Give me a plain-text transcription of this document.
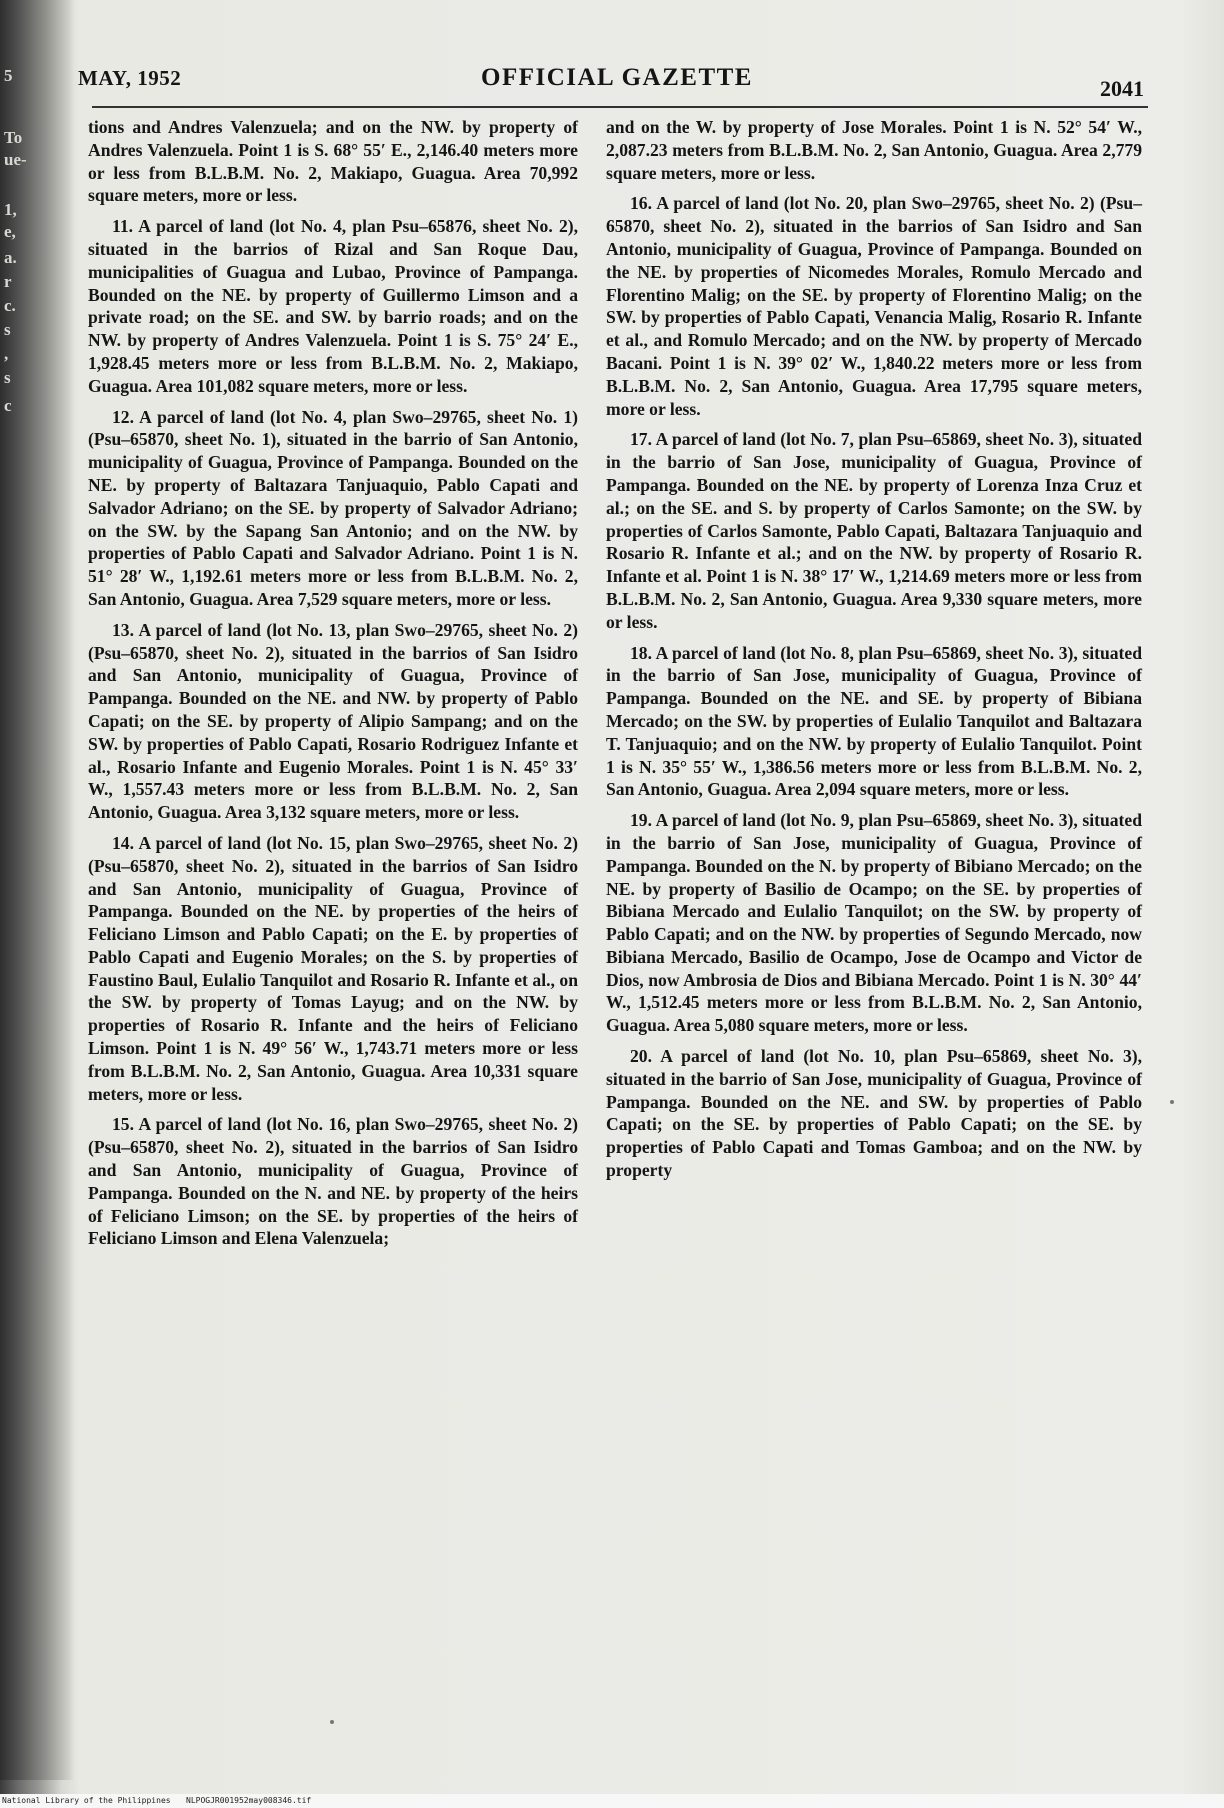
5
To
ue-
1,
e,
a.
r
c.
s
,
s
c
MAY, 1952	OFFICIAL GAZETTE	2041

tions and Andres Valenzuela; and on the NW. by property of Andres Valenzuela. Point 1 is S. 68° 55′ E., 2,146.40 meters more or less from B.L.B.M. No. 2, Makiapo, Guagua. Area 70,992 square meters, more or less.

11. A parcel of land (lot No. 4, plan Psu–65876, sheet No. 2), situated in the barrios of Rizal and San Roque Dau, municipalities of Guagua and Lubao, Province of Pampanga. Bounded on the NE. by property of Guillermo Limson and a private road; on the SE. and SW. by barrio roads; and on the NW. by property of Andres Valenzuela. Point 1 is S. 75° 24′ E., 1,928.45 meters more or less from B.L.B.M. No. 2, Makiapo, Guagua. Area 101,082 square meters, more or less.

12. A parcel of land (lot No. 4, plan Swo–29765, sheet No. 1) (Psu–65870, sheet No. 1), situated in the barrio of San Antonio, municipality of Guagua, Province of Pampanga. Bounded on the NE. by property of Baltazara Tanjuaquio, Pablo Capati and Salvador Adriano; on the SE. by property of Salvador Adriano; on the SW. by the Sapang San Antonio; and on the NW. by properties of Pablo Capati and Salvador Adriano. Point 1 is N. 51° 28′ W., 1,192.61 meters more or less from B.L.B.M. No. 2, San Antonio, Guagua. Area 7,529 square meters, more or less.

13. A parcel of land (lot No. 13, plan Swo–29765, sheet No. 2) (Psu–65870, sheet No. 2), situated in the barrios of San Isidro and San Antonio, municipality of Guagua, Province of Pampanga. Bounded on the NE. and NW. by property of Pablo Capati; on the SE. by property of Alipio Sampang; and on the SW. by properties of Pablo Capati, Rosario Rodriguez Infante et al., Rosario Infante and Eugenio Morales. Point 1 is N. 45° 33′ W., 1,557.43 meters more or less from B.L.B.M. No. 2, San Antonio, Guagua. Area 3,132 square meters, more or less.

14. A parcel of land (lot No. 15, plan Swo–29765, sheet No. 2) (Psu–65870, sheet No. 2), situated in the barrios of San Isidro and San Antonio, municipality of Guagua, Province of Pampanga. Bounded on the NE. by properties of the heirs of Feliciano Limson and Pablo Capati; on the E. by properties of Pablo Capati and Eugenio Morales; on the S. by properties of Faustino Baul, Eulalio Tanquilot and Rosario R. Infante et al., on the SW. by property of Tomas Layug; and on the NW. by properties of Rosario R. Infante and the heirs of Feliciano Limson. Point 1 is N. 49° 56′ W., 1,743.71 meters more or less from B.L.B.M. No. 2, San Antonio, Guagua. Area 10,331 square meters, more or less.

15. A parcel of land (lot No. 16, plan Swo–29765, sheet No. 2) (Psu–65870, sheet No. 2), situated in the barrios of San Isidro and San Antonio, municipality of Guagua, Province of Pampanga. Bounded on the N. and NE. by property of the heirs of Feliciano Limson; on the SE. by properties of the heirs of Feliciano Limson and Elena Valenzuela;

and on the W. by property of Jose Morales. Point 1 is N. 52° 54′ W., 2,087.23 meters from B.L.B.M. No. 2, San Antonio, Guagua. Area 2,779 square meters, more or less.

16. A parcel of land (lot No. 20, plan Swo–29765, sheet No. 2) (Psu–65870, sheet No. 2), situated in the barrios of San Isidro and San Antonio, municipality of Guagua, Province of Pampanga. Bounded on the NE. by properties of Nicomedes Morales, Romulo Mercado and Florentino Malig; on the SE. by property of Florentino Malig; on the SW. by properties of Pablo Capati, Venancia Malig, Rosario R. Infante et al., and Romulo Mercado; and on the NW. by property of Mercado Bacani. Point 1 is N. 39° 02′ W., 1,840.22 meters more or less from B.L.B.M. No. 2, San Antonio, Guagua. Area 17,795 square meters, more or less.

17. A parcel of land (lot No. 7, plan Psu–65869, sheet No. 3), situated in the barrio of San Jose, municipality of Guagua, Province of Pampanga. Bounded on the NE. by property of Lorenza Inza Cruz et al.; on the SE. and S. by property of Carlos Samonte; on the SW. by properties of Carlos Samonte, Pablo Capati, Baltazara Tanjuaquio and Rosario R. Infante et al.; and on the NW. by property of Rosario R. Infante et al. Point 1 is N. 38° 17′ W., 1,214.69 meters more or less from B.L.B.M. No. 2, San Antonio, Guagua. Area 9,330 square meters, more or less.

18. A parcel of land (lot No. 8, plan Psu–65869, sheet No. 3), situated in the barrio of San Jose, municipality of Guagua, Province of Pampanga. Bounded on the NE. and SE. by property of Bibiana Mercado; on the SW. by properties of Eulalio Tanquilot and Baltazara T. Tanjuaquio; and on the NW. by property of Eulalio Tanquilot. Point 1 is N. 35° 55′ W., 1,386.56 meters more or less from B.L.B.M. No. 2, San Antonio, Guagua. Area 2,094 square meters, more or less.

19. A parcel of land (lot No. 9, plan Psu–65869, sheet No. 3), situated in the barrio of San Jose, municipality of Guagua, Province of Pampanga. Bounded on the N. by property of Bibiano Mercado; on the NE. by property of Basilio de Ocampo; on the SE. by properties of Bibiana Mercado and Eulalio Tanquilot; on the SW. by property of Pablo Capati; and on the NW. by properties of Segundo Mercado, now Bibiana Mercado, Basilio de Ocampo, Jose de Ocampo and Victor de Dios, now Ambrosia de Dios and Bibiana Mercado. Point 1 is N. 30° 44′ W., 1,512.45 meters more or less from B.L.B.M. No. 2, San Antonio, Guagua. Area 5,080 square meters, more or less.

20. A parcel of land (lot No. 10, plan Psu–65869, sheet No. 3), situated in the barrio of San Jose, municipality of Guagua, Province of Pampanga. Bounded on the NE. and SW. by properties of Pablo Capati; on the SE. by properties of Pablo Capati; on the SE. by properties of Pablo Capati and Tomas Gamboa; and on the NW. by property

National Library of the Philippines NLPOGJR001952may008346.tif
